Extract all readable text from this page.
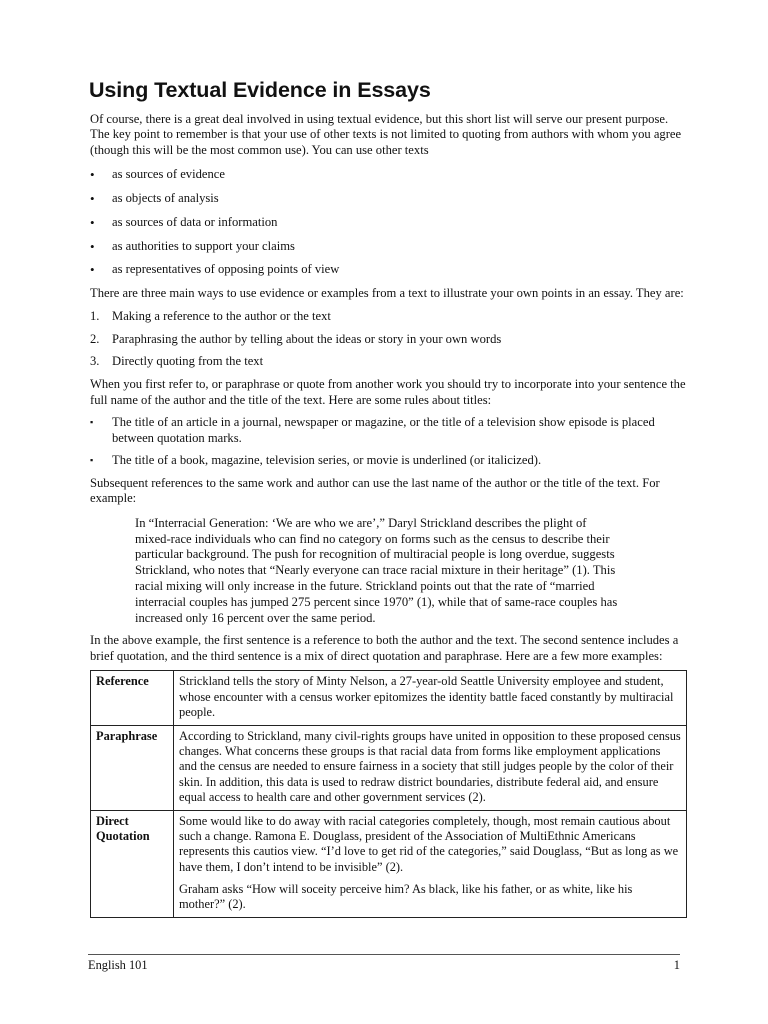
Using Textual Evidence in Essays

Of course, there is a great deal involved in using textual evidence, but this short list will serve our present purpose. The key point to remember is that your use of other texts is not limited to quoting from authors with whom you agree (though this will be the most common use). You can use other texts

• as sources of evidence
• as objects of analysis
• as sources of data or information
• as authorities to support your claims
• as representatives of opposing points of view

There are three main ways to use evidence or examples from a text to illustrate your own points in an essay. They are:

1. Making a reference to the author or the text
2. Paraphrasing the author by telling about the ideas or story in your own words
3. Directly quoting from the text

When you first refer to, or paraphrase or quote from another work you should try to incorporate into your sentence the full name of the author and the title of the text. Here are some rules about titles:

▪ The title of an article in a journal, newspaper or magazine, or the title of a television show episode is placed between quotation marks.
▪ The title of a book, magazine, television series, or movie is underlined (or italicized).

Subsequent references to the same work and author can use the last name of the author or the title of the text. For example:

In “Interracial Generation: ‘We are who we are’,” Daryl Strickland describes the plight of mixed-race individuals who can find no category on forms such as the census to describe their particular background. The push for recognition of multiracial people is long overdue, suggests Strickland, who notes that “Nearly everyone can trace racial mixture in their heritage” (1). This racial mixing will only increase in the future. Strickland points out that the rate of “married interracial couples has jumped 275 percent since 1970” (1), while that of same-race couples has increased only 16 percent over the same period.

In the above example, the first sentence is a reference to both the author and the text. The second sentence includes a brief quotation, and the third sentence is a mix of direct quotation and paraphrase. Here are a few more examples:

Reference	Strickland tells the story of Minty Nelson, a 27-year-old Seattle University employee and student, whose encounter with a census worker epitomizes the identity battle faced constantly by multiracial people.

Paraphrase	According to Strickland, many civil-rights groups have united in opposition to these proposed census changes. What concerns these groups is that racial data from forms like employment applications and the census are needed to ensure fairness in a society that still judges people by the color of their skin. In addition, this data is used to redraw district boundaries, distribute federal aid, and ensure equal access to health care and other government services (2).

Direct Quotation	Some would like to do away with racial categories completely, though, most remain cautious about such a change. Ramona E. Douglass, president of the Association of MultiEthnic Americans represents this cautios view. “I’d love to get rid of the categories,” said Douglass, “But as long as we have them, I don’t intend to be invisible” (2).

Graham asks “How will soceity perceive him? As black, like his father, or as white, like his mother?” (2).

English 101	1
